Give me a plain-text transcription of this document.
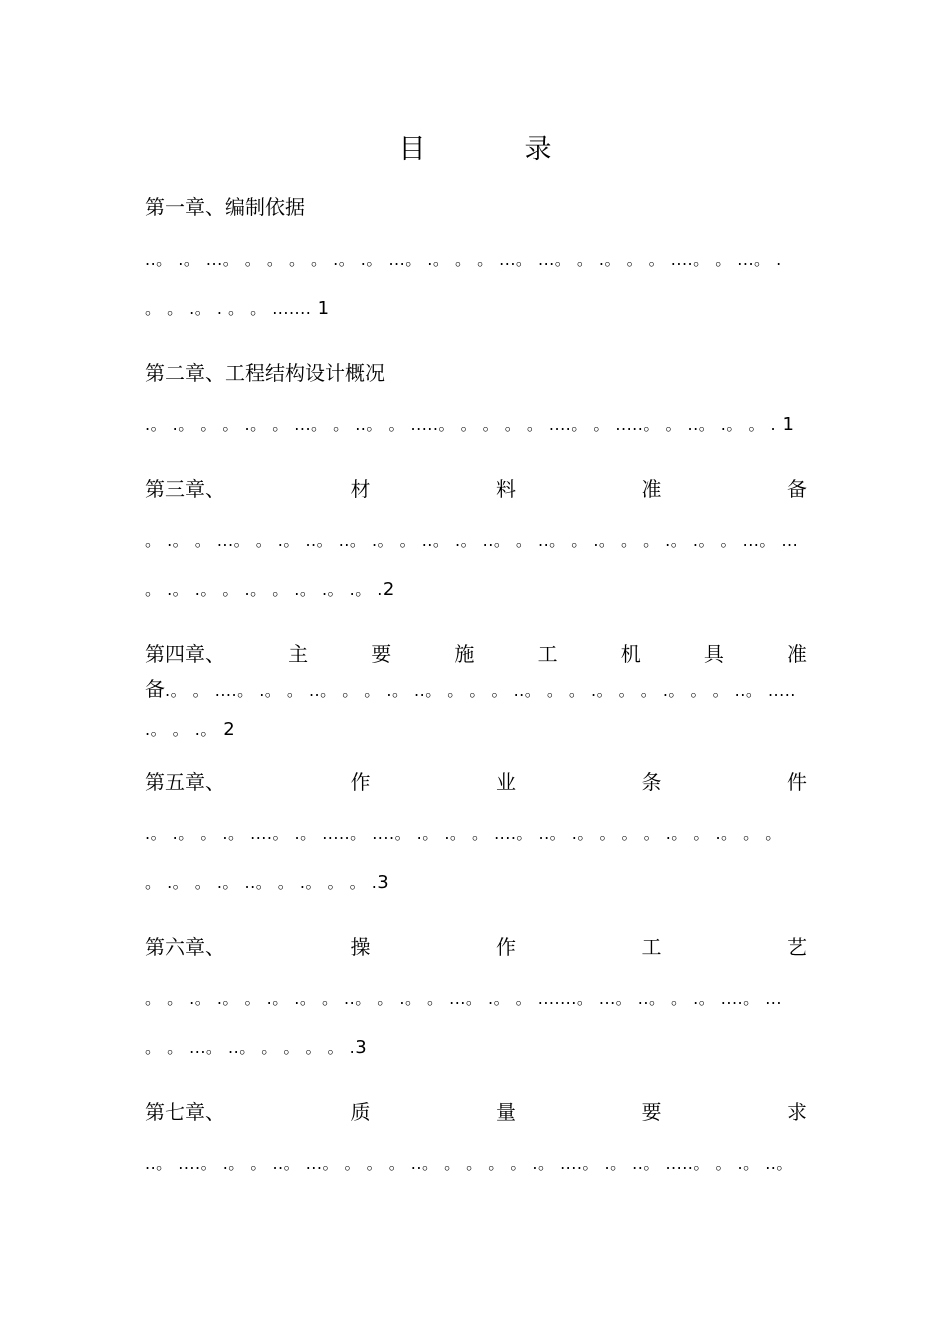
目　录
第一章、编制依据
..。 .。 ...。 。 。 。 。 .。 .。 ...。 .。 。 。 ...。 ...。 。 .。 。 。 ....。 。 ...。 .
。 。 .。 . 。 。 ....... 1
第二章、工程结构设计概况
.。 .。 。 。 .。 。 ...。 。 ..。 。 .....。 。 。 。 。 ....。 。 .....。 。 ..。 .。 。 . 1
第三章、	材	料	准	备
。 .。 。 ...。 。 .。 ..。 ..。 .。 。 ..。 .。 ..。 。 ..。 。 .。 。 。 .。 .。 。 ...。 ...
。 .。 .。 。 .。 。 .。 .。 .。 .2
第四章、	主	要	施	工	机	具	准
备.。 。 ....。 .。 。 ..。 。 。 .。 ..。 。 。 。 ..。 。 。 .。 。 。 .。 。 。 ..。 .....
.。 。 .。 2
第五章、	作	业	条	件
.。 .。 。 .。 ....。 .。 .....。 ....。 .。 .。 。 ....。 ..。 .。 。 。 。 .。 。 .。 。 。
。 .。 。 .。 ..。 。 .。 。 。 .3
第六章、	操	作	工	艺
。 。 .。 .。 。 .。 .。 。 ..。 。 .。 。 ...。 .。 。 .......。 ...。 ..。 。 .。 ....。 ...
。 。 ...。 ..。 。 。 。 。 .3
第七章、	质	量	要	求
..。 ....。 .。 。 ..。 ...。 。 。 。 ..。 。 。 。 。 .。 ....。 .。 ..。 .....。 。 .。 ..。
